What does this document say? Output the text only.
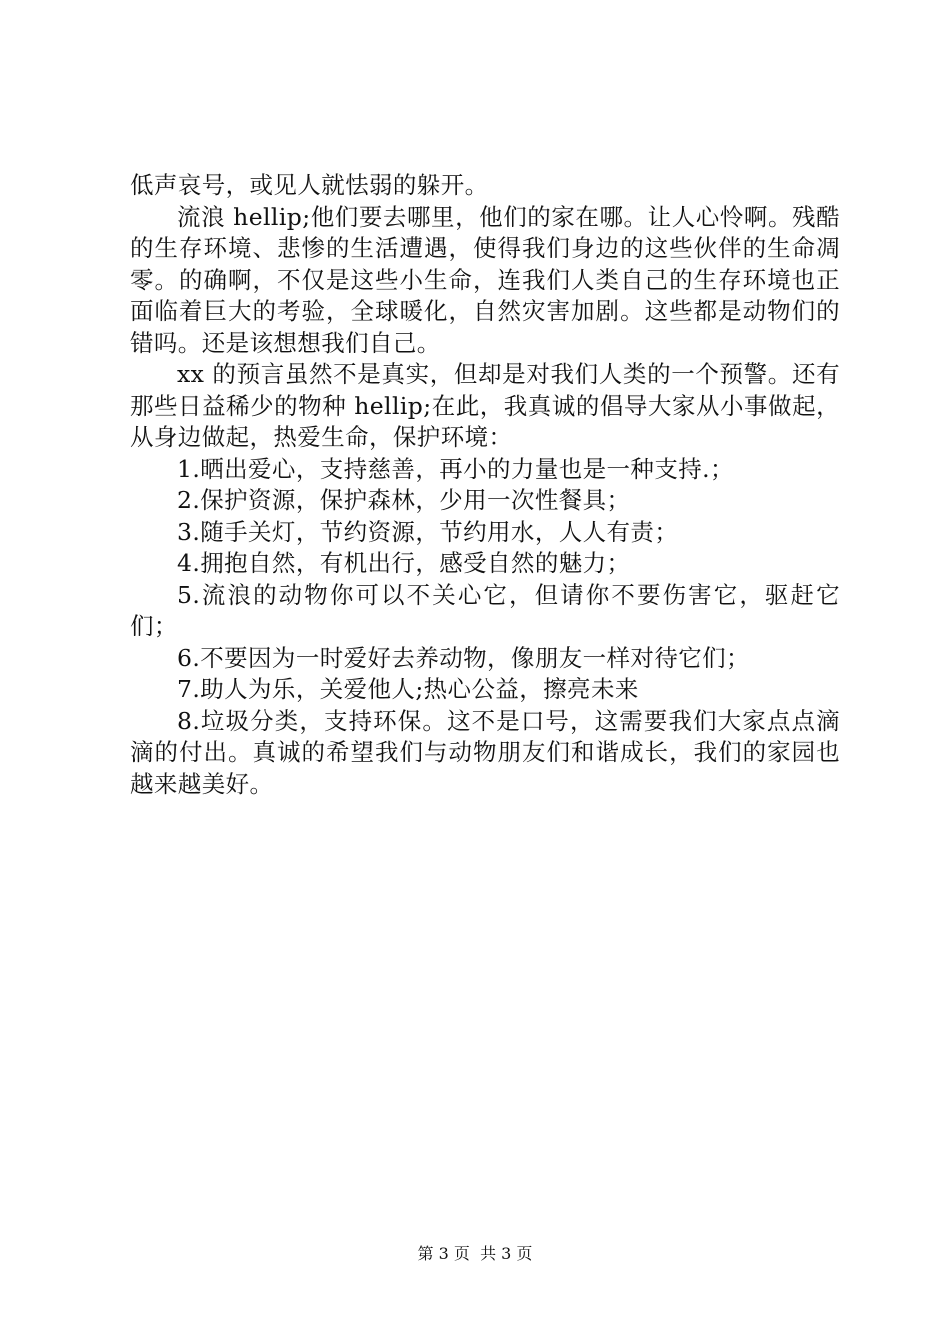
低声哀号，或见人就怯弱的躲开。

流浪 hellip;他们要去哪里，他们的家在哪。让人心怜啊。残酷的生存环境、悲惨的生活遭遇，使得我们身边的这些伙伴的生命凋零。的确啊，不仅是这些小生命，连我们人类自己的生存环境也正面临着巨大的考验，全球暖化，自然灾害加剧。这些都是动物们的错吗。还是该想想我们自己。

xx 的预言虽然不是真实，但却是对我们人类的一个预警。还有那些日益稀少的物种 hellip;在此，我真诚的倡导大家从小事做起，从身边做起，热爱生命，保护环境：

1.晒出爱心，支持慈善，再小的力量也是一种支持.；

2.保护资源，保护森林，少用一次性餐具；

3.随手关灯，节约资源，节约用水，人人有责；

4.拥抱自然，有机出行，感受自然的魅力；

5.流浪的动物你可以不关心它，但请你不要伤害它，驱赶它们；

6.不要因为一时爱好去养动物，像朋友一样对待它们；

7.助人为乐，关爱他人;热心公益，擦亮未来

8.垃圾分类，支持环保。这不是口号，这需要我们大家点点滴滴的付出。真诚的希望我们与动物朋友们和谐成长，我们的家园也越来越美好。

第 3 页 共 3 页
